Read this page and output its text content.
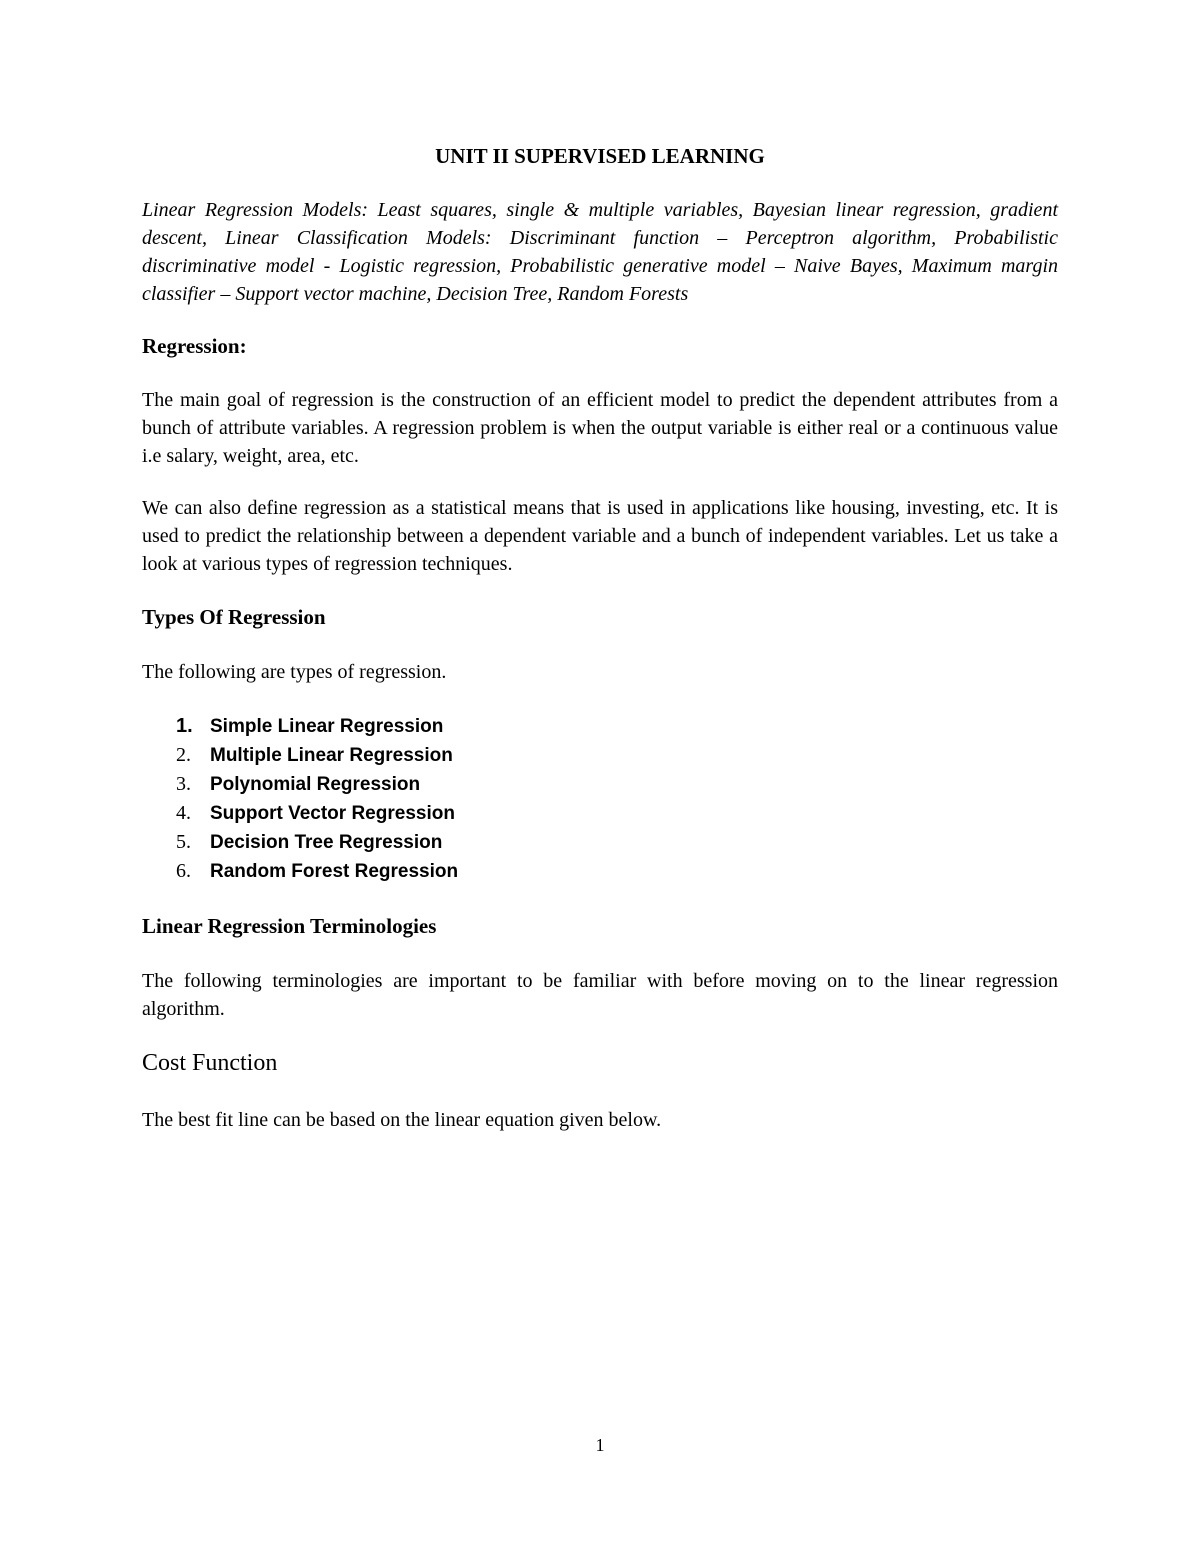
UNIT II SUPERVISED LEARNING

Linear Regression Models: Least squares, single & multiple variables, Bayesian linear regression, gradient descent, Linear Classification Models: Discriminant function – Perceptron algorithm, Probabilistic discriminative model - Logistic regression, Probabilistic generative model – Naive Bayes, Maximum margin classifier – Support vector machine, Decision Tree, Random Forests

Regression:

The main goal of regression is the construction of an efficient model to predict the dependent attributes from a bunch of attribute variables. A regression problem is when the output variable is either real or a continuous value i.e salary, weight, area, etc.

We can also define regression as a statistical means that is used in applications like housing, investing, etc. It is used to predict the relationship between a dependent variable and a bunch of independent variables. Let us take a look at various types of regression techniques.

Types Of Regression

The following are types of regression.

1. Simple Linear Regression
2. Multiple Linear Regression
3. Polynomial Regression
4. Support Vector Regression
5. Decision Tree Regression
6. Random Forest Regression
Linear Regression Terminologies

The following terminologies are important to be familiar with before moving on to the linear regression algorithm.

Cost Function

The best fit line can be based on the linear equation given below.

1
